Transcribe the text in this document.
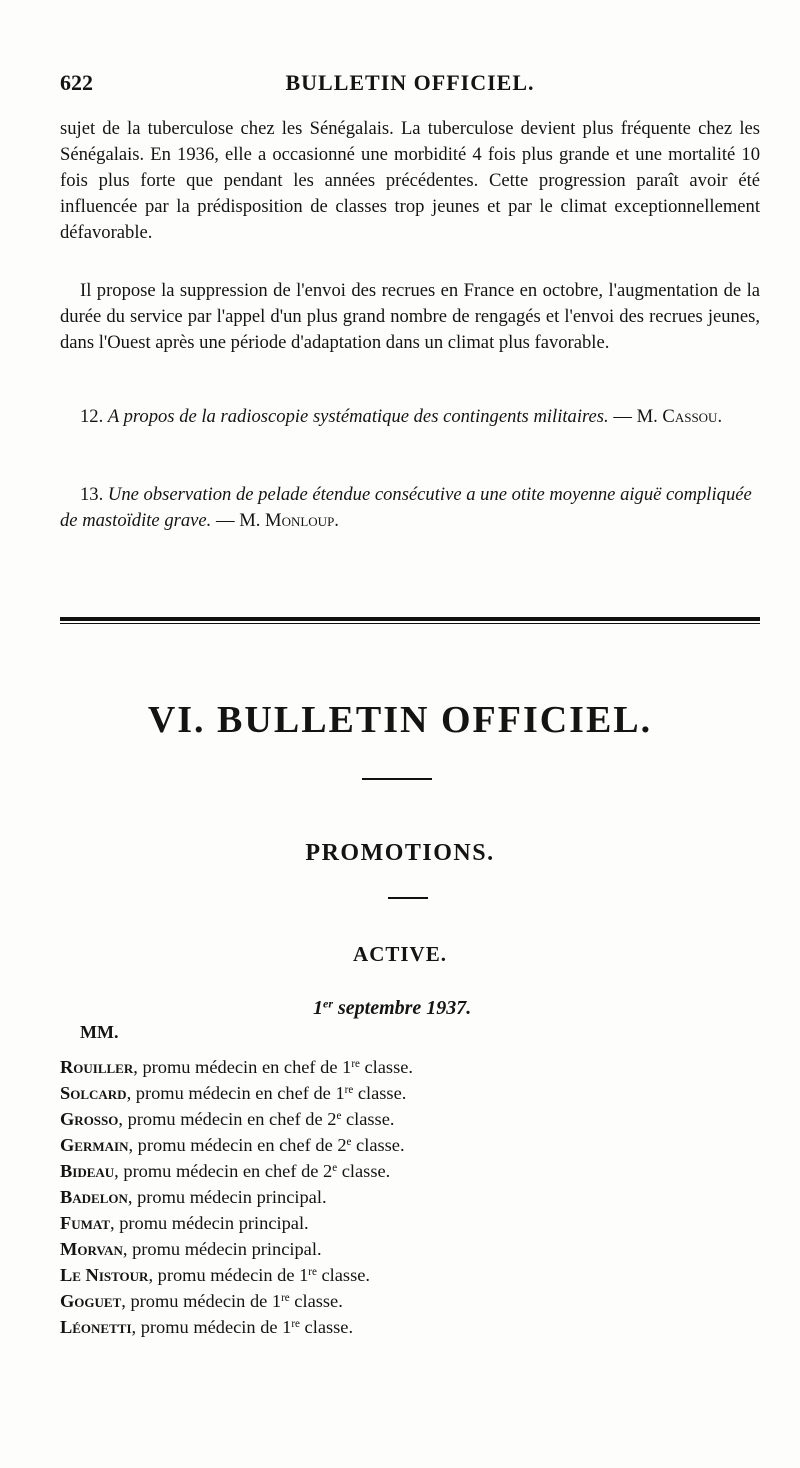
622	BULLETIN OFFICIEL.

sujet de la tuberculose chez les Sénégalais. La tuberculose devient plus fréquente chez les Sénégalais. En 1936, elle a occasionné une morbidité 4 fois plus grande et une mortalité 10 fois plus forte que pendant les années précédentes. Cette progression paraît avoir été influencée par la prédisposition de classes trop jeunes et par le climat exceptionnellement défavorable.

Il propose la suppression de l'envoi des recrues en France en octobre, l'augmentation de la durée du service par l'appel d'un plus grand nombre de rengagés et l'envoi des recrues jeunes, dans l'Ouest après une période d'adaptation dans un climat plus favorable.

12. A propos de la radioscopie systématique des contingents militaires. — M. Cassou.
13. Une observation de pelade étendue consécutive a une otite moyenne aiguë compliquée de mastoïdite grave. — M. Monloup.
VI. BULLETIN OFFICIEL.
PROMOTIONS.
ACTIVE.
1er septembre 1937.
MM.
Rouiller, promu médecin en chef de 1re classe.
Solcard, promu médecin en chef de 1re classe.
Grosso, promu médecin en chef de 2e classe.
Germain, promu médecin en chef de 2e classe.
Bideau, promu médecin en chef de 2e classe.
Badelon, promu médecin principal.
Fumat, promu médecin principal.
Morvan, promu médecin principal.
Le Nistour, promu médecin de 1re classe.
Goguet, promu médecin de 1re classe.
Léonetti, promu médecin de 1re classe.
